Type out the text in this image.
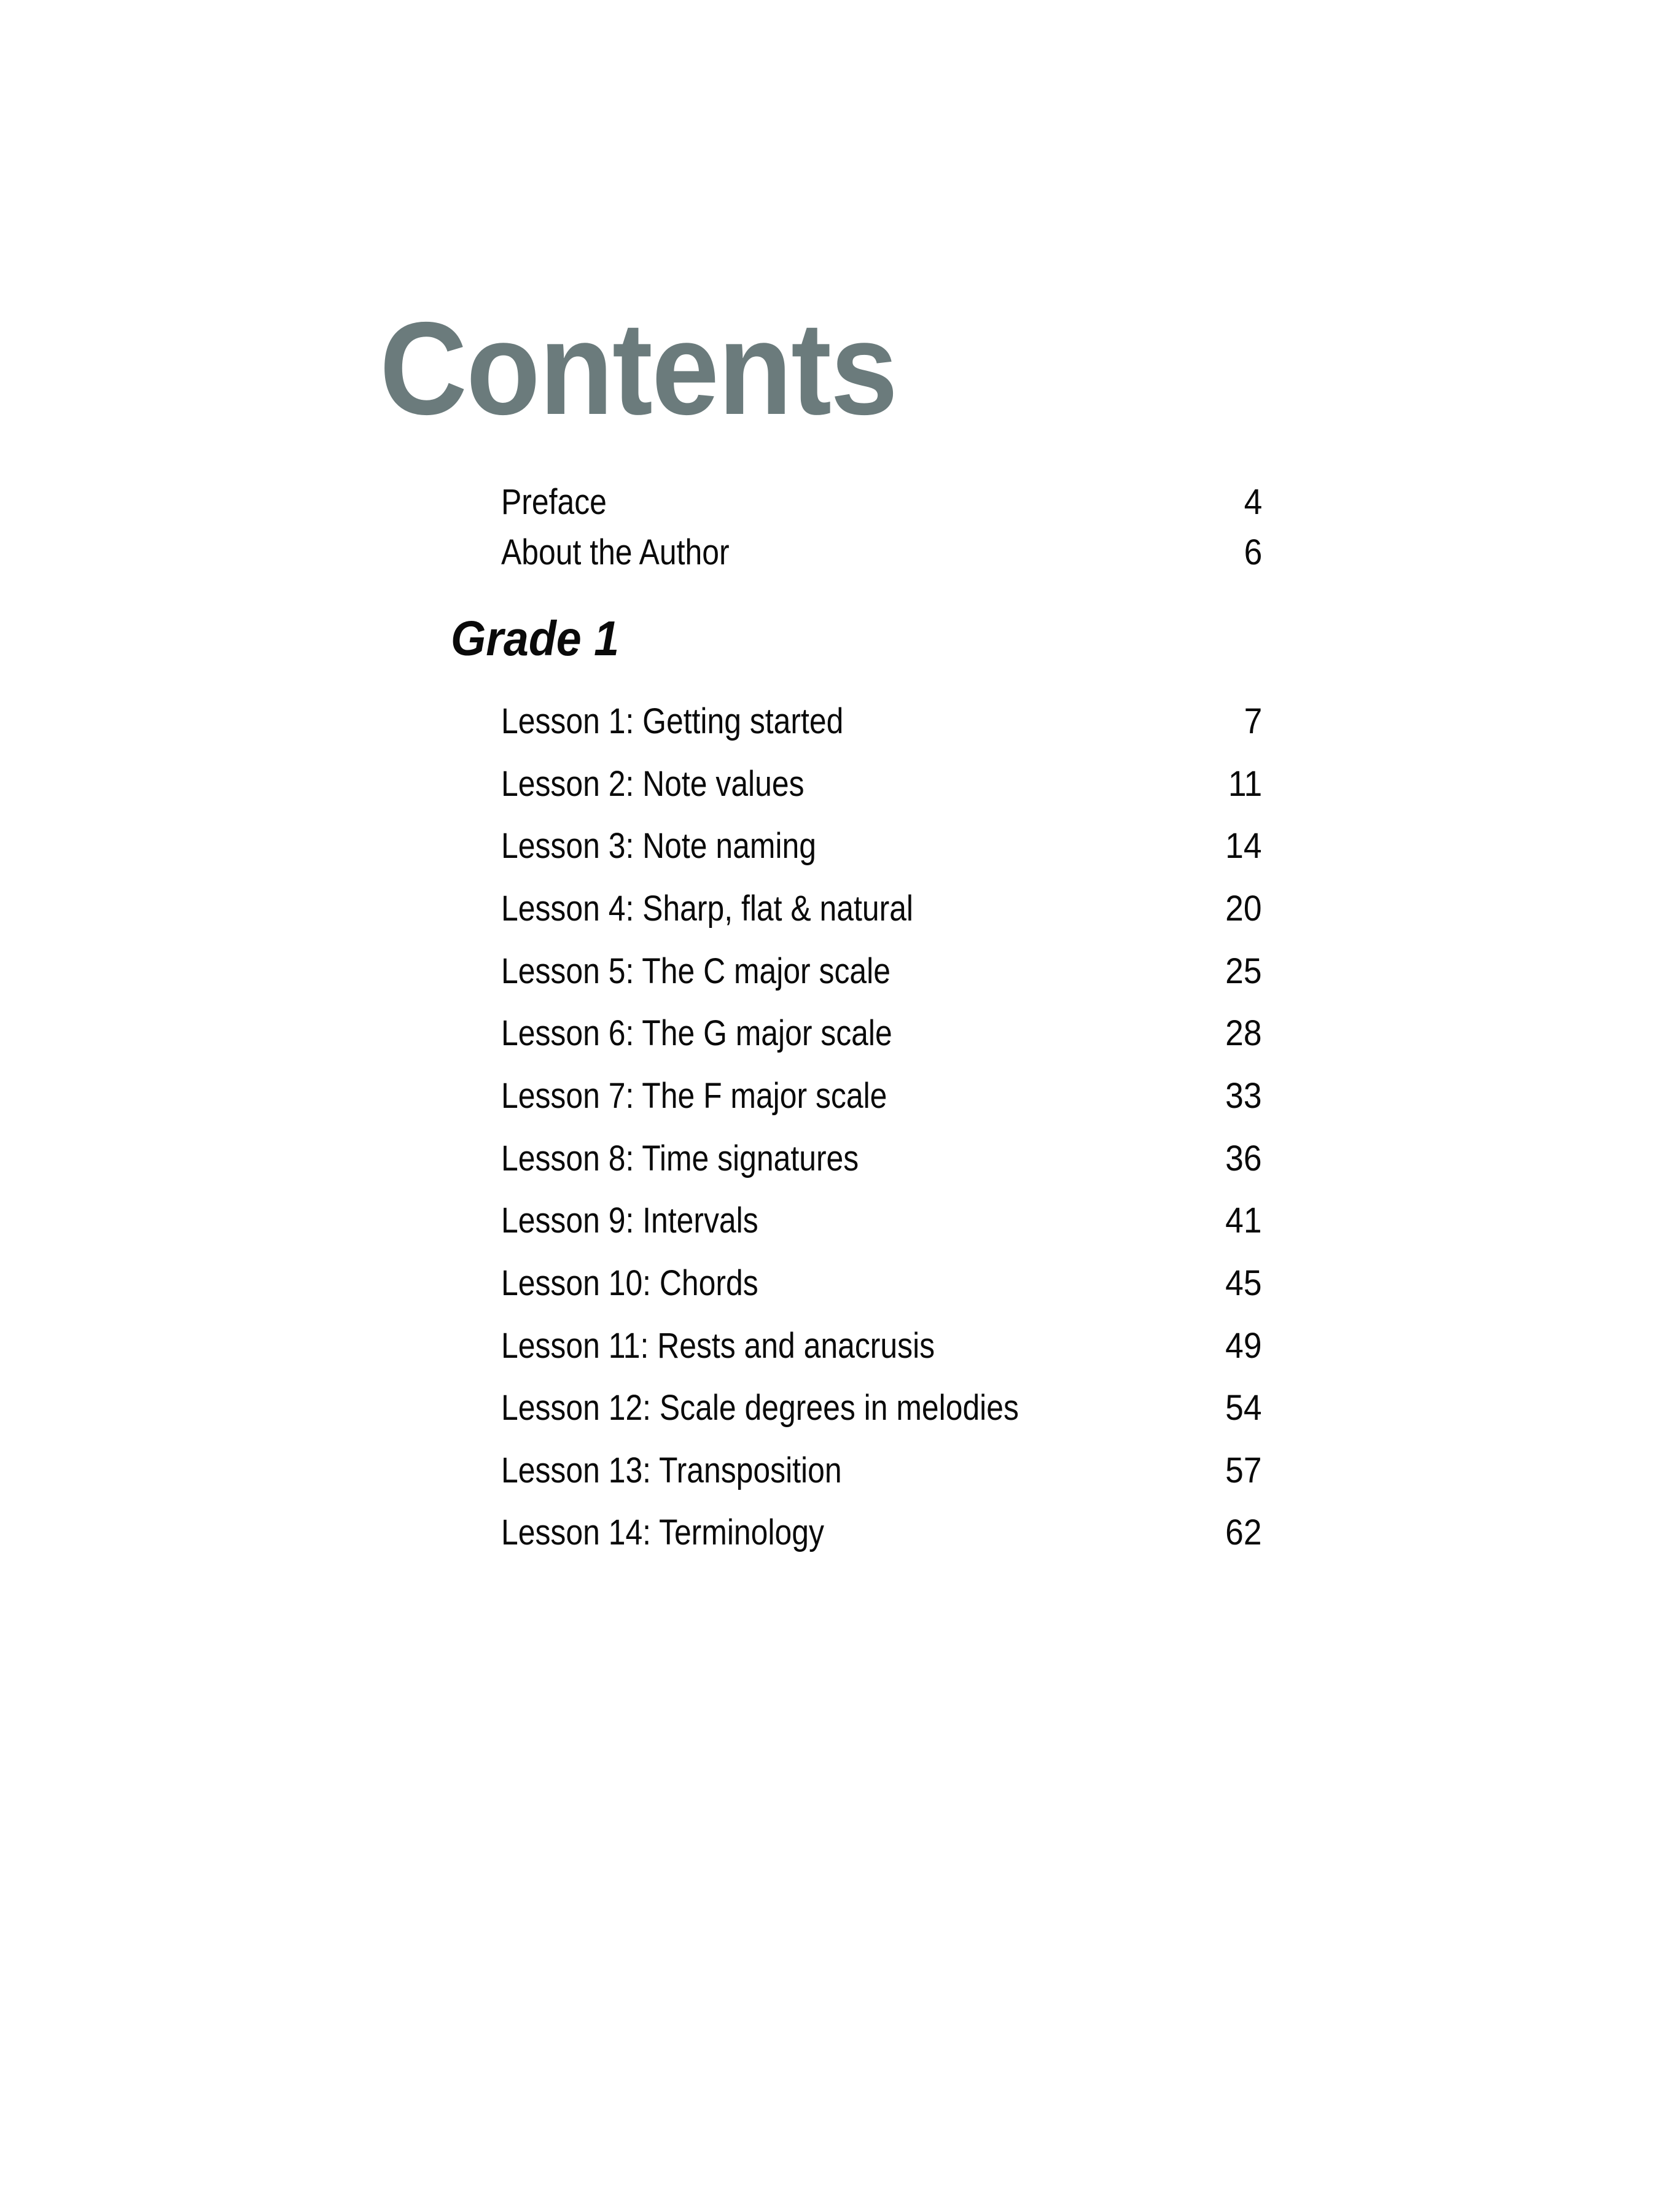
Contents
Preface	4
About the Author	6
Grade 1
Lesson 1: Getting started	7
Lesson 2: Note values	11
Lesson 3: Note naming	14
Lesson 4: Sharp, flat & natural	20
Lesson 5: The C major scale	25
Lesson 6: The G major scale	28
Lesson 7: The F major scale	33
Lesson 8: Time signatures	36
Lesson 9: Intervals	41
Lesson 10: Chords	45
Lesson 11: Rests and anacrusis	49
Lesson 12: Scale degrees in melodies	54
Lesson 13: Transposition	57
Lesson 14: Terminology	62
